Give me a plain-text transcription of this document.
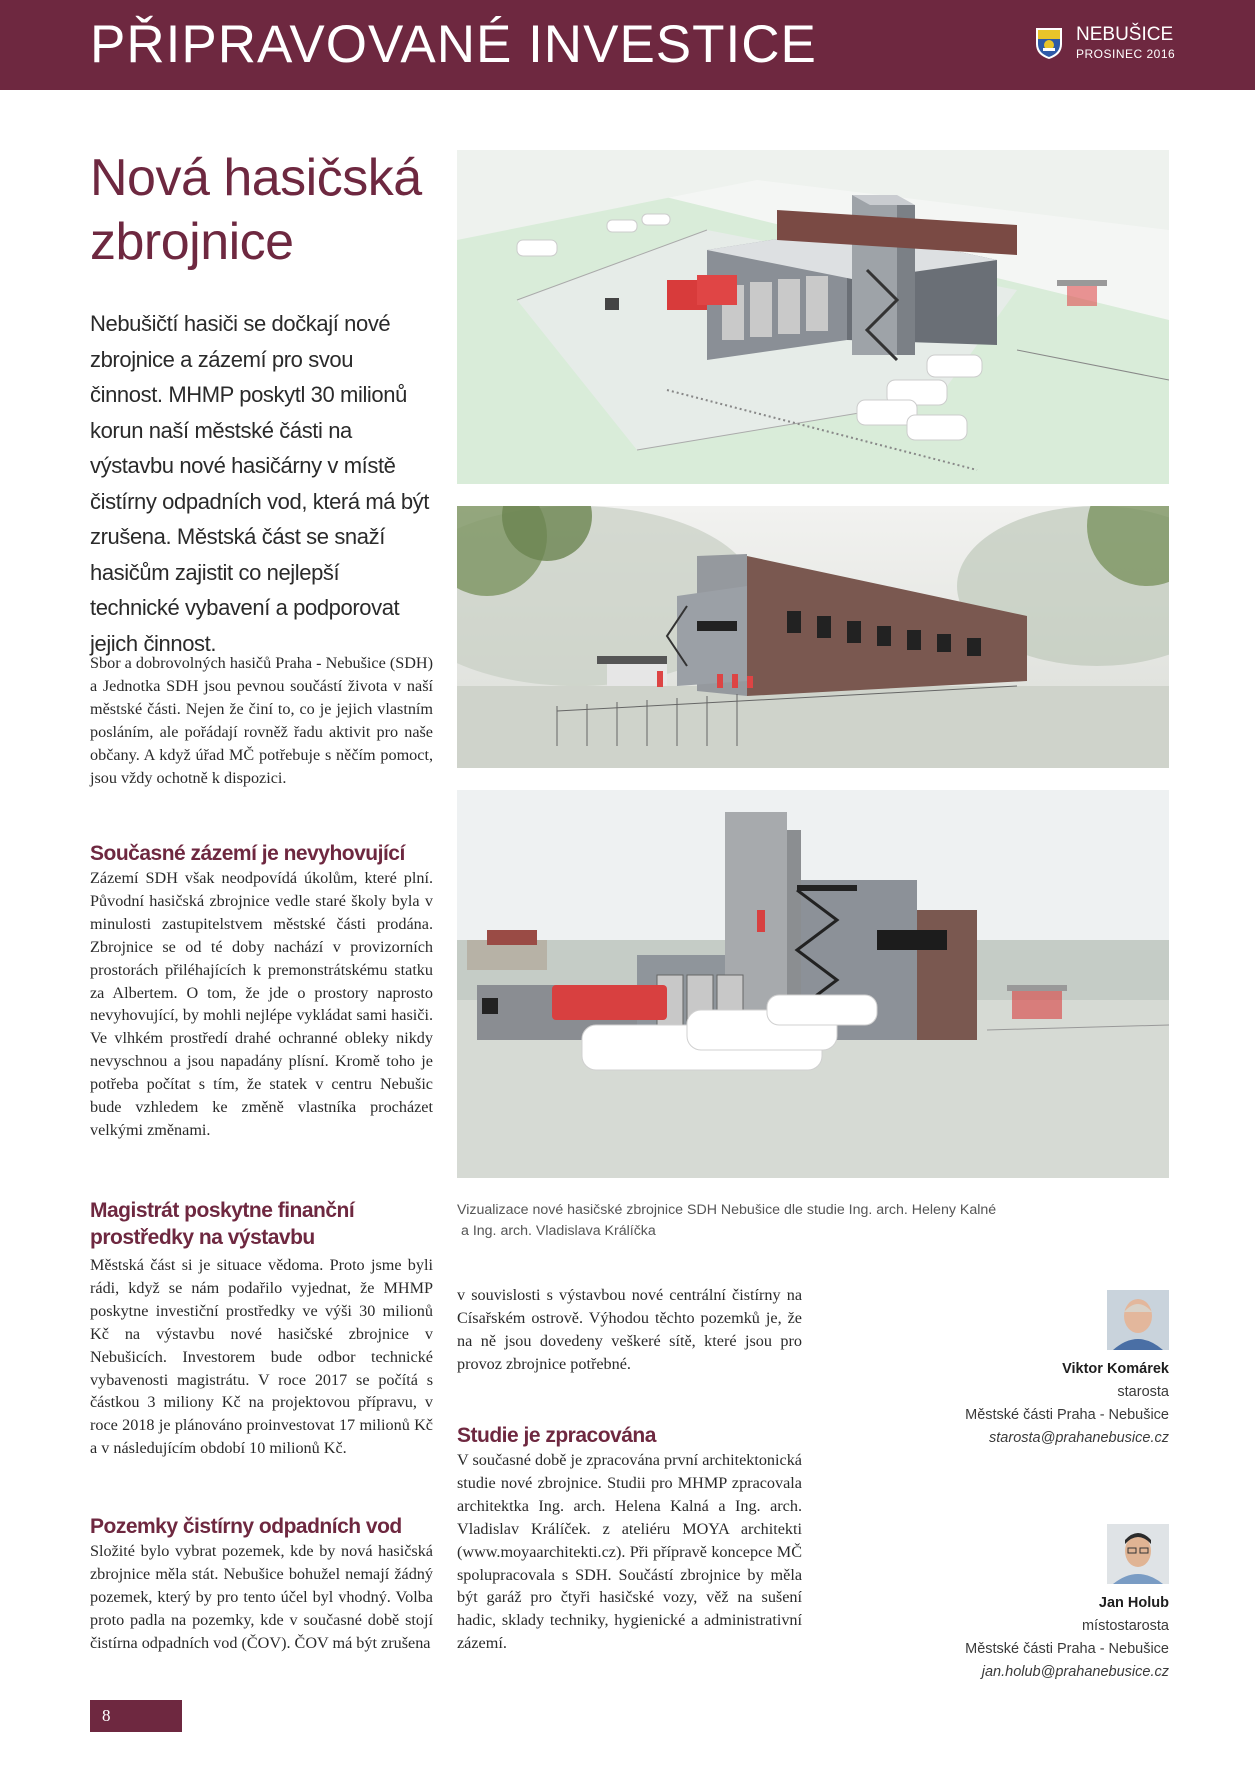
PŘIPRAVOVANÉ INVESTICE	NEBUŠICE
PROSINEC 2016
Nová hasičská
zbrojnice
Nebušičtí hasiči se dočkají nové zbrojnice a zázemí pro svou činnost. MHMP poskytl 30 milionů korun naší městské části na výstavbu nové hasičárny v místě čistírny odpadních vod, která má být zrušena. Městská část se snaží hasičům zajistit co nejlepší technické vybavení a podporovat jejich činnost.
Sbor a dobrovolných hasičů Praha - Nebušice (SDH) a Jednotka SDH jsou pevnou součástí života v naší městské části. Nejen že činí to, co je jejich vlastním posláním, ale pořádají rovněž řadu aktivit pro naše občany. A když úřad MČ potřebuje s něčím pomoct, jsou vždy ochotně k dispozici.
Současné zázemí je nevyhovující
Zázemí SDH však neodpovídá úkolům, které plní. Původní hasičská zbrojnice vedle staré školy byla v minulosti zastupitelstvem městské části prodána. Zbrojnice se od té doby nachází v provizorních prostorách přiléhajících k premonstrátskému statku za Albertem. O tom, že jde o prostory naprosto nevyhovující, by mohli nejlépe vykládat sami hasiči. Ve vlhkém prostředí drahé ochranné obleky nikdy nevyschnou a jsou napadány plísní. Kromě toho je potřeba počítat s tím, že statek v centru Nebušic bude vzhledem ke změně vlastníka procházet velkými změnami.
Magistrát poskytne finanční prostředky na výstavbu
Městská část si je situace vědoma. Proto jsme byli rádi, když se nám podařilo vyjednat, že MHMP poskytne investiční prostředky ve výši 30 milionů Kč na výstavbu nové hasičské zbrojnice v Nebušicích. Investorem bude odbor technické vybavenosti magistrátu. V roce 2017 se počítá s částkou 3 miliony Kč na projektovou přípravu, v roce 2018 je plánováno proinvestovat 17 milionů Kč a v následujícím období 10 milionů Kč.
Pozemky čistírny odpadních vod
Složité bylo vybrat pozemek, kde by nová hasičská zbrojnice měla stát. Nebušice bohužel nemají žádný pozemek, který by pro tento účel byl vhodný. Volba proto padla na pozemky, kde v současné době stojí čistírna odpadních vod (ČOV). ČOV má být zrušena
v souvislosti s výstavbou nové centrální čistírny na Císařském ostrově. Výhodou těchto pozemků je, že na ně jsou dovedeny veškeré sítě, které jsou pro provoz zbrojnice potřebné.
Studie je zpracována
V současné době je zpracována první architektonická studie nové zbrojnice. Studii pro MHMP zpracovala architektka Ing. arch. Helena Kalná a Ing. arch. Vladislav Králíček. z ateliéru MOYA architekti (www.moyaarchitekti.cz). Při přípravě koncepce MČ spolupracovala s SDH. Součástí zbrojnice by měla být garáž pro čtyři hasičské vozy, věž na sušení hadic, sklady techniky, hygienické a administrativní zázemí.
Vizualizace nové hasičské zbrojnice SDH Nebušice dle studie Ing. arch. Heleny Kalné
a Ing. arch. Vladislava Králíčka
Viktor Komárek
starosta
Městské části Praha - Nebušice
starosta@prahanebusice.cz
Jan Holub
místostarosta
Městské části Praha - Nebušice
jan.holub@prahanebusice.cz
8
